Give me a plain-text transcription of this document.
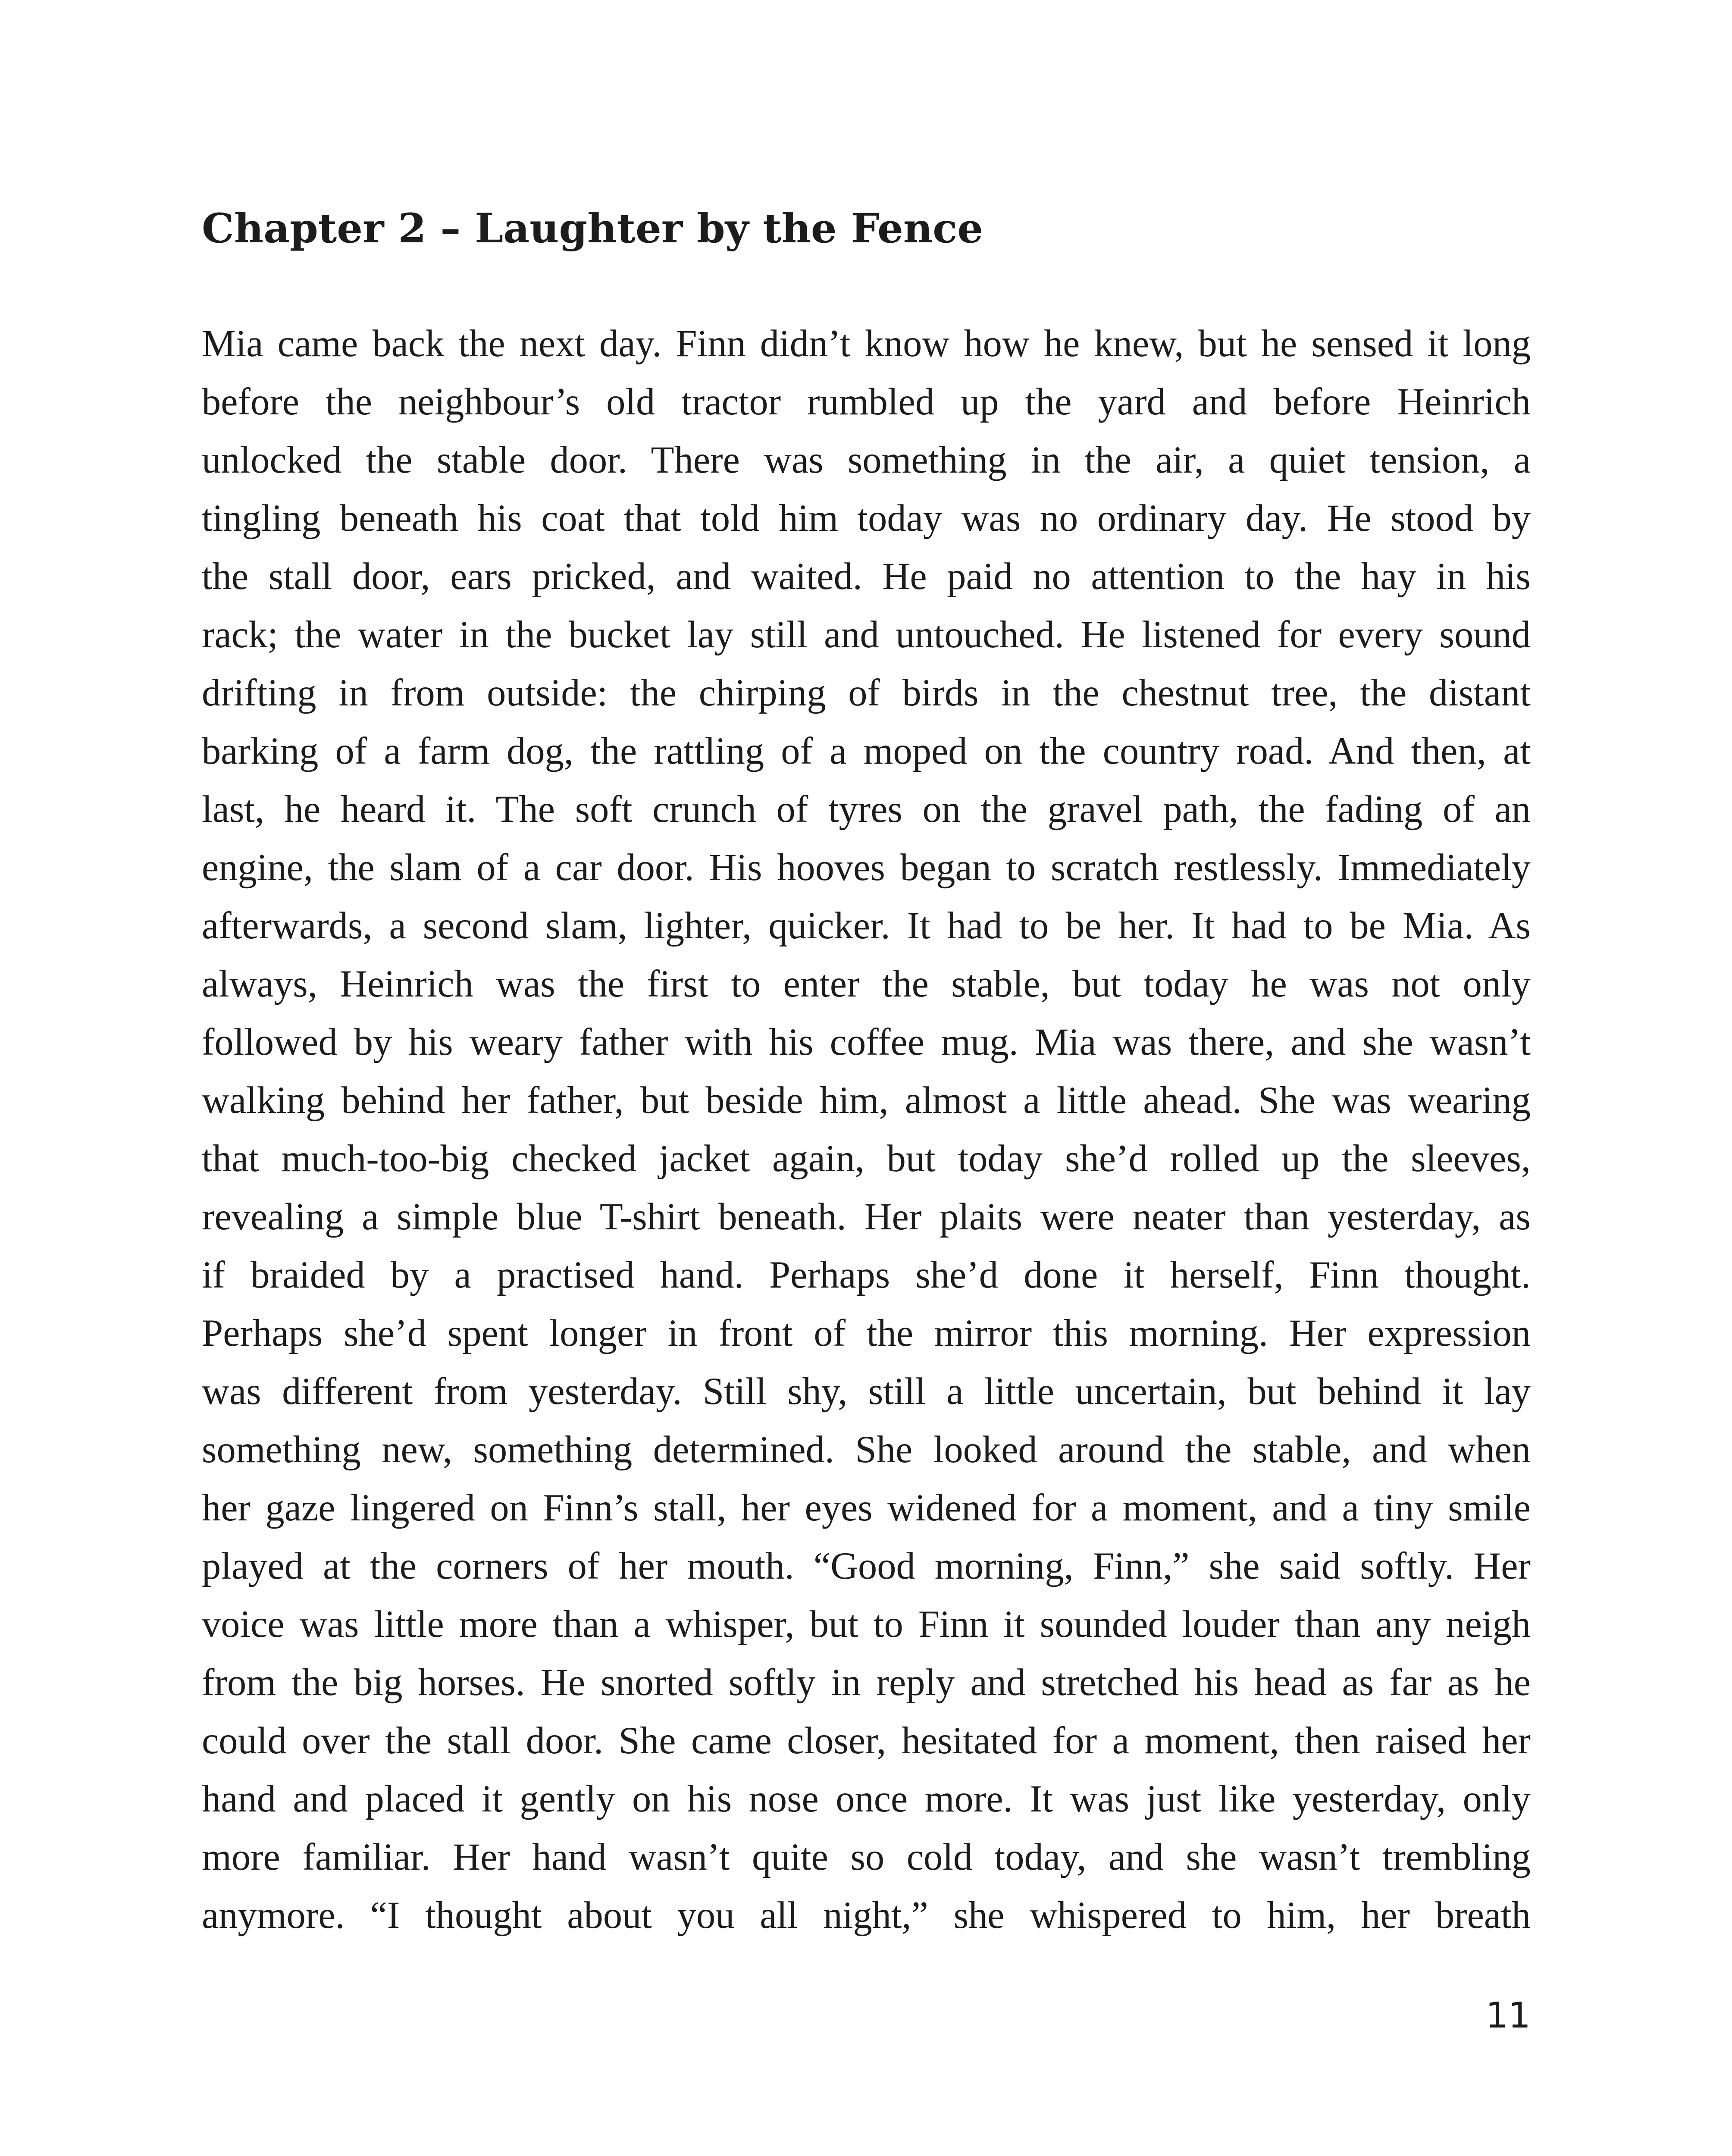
Chapter 2 – Laughter by the Fence
Mia came back the next day. Finn didn’t know how he knew, but he sensed it long
before the neighbour’s old tractor rumbled up the yard and before Heinrich
unlocked the stable door. There was something in the air, a quiet tension, a
tingling beneath his coat that told him today was no ordinary day. He stood by
the stall door, ears pricked, and waited. He paid no attention to the hay in his
rack; the water in the bucket lay still and untouched. He listened for every sound
drifting in from outside: the chirping of birds in the chestnut tree, the distant
barking of a farm dog, the rattling of a moped on the country road. And then, at
last, he heard it. The soft crunch of tyres on the gravel path, the fading of an
engine, the slam of a car door. His hooves began to scratch restlessly. Immediately
afterwards, a second slam, lighter, quicker. It had to be her. It had to be Mia. As
always, Heinrich was the first to enter the stable, but today he was not only
followed by his weary father with his coffee mug. Mia was there, and she wasn’t
walking behind her father, but beside him, almost a little ahead. She was wearing
that much-too-big checked jacket again, but today she’d rolled up the sleeves,
revealing a simple blue T-shirt beneath. Her plaits were neater than yesterday, as
if braided by a practised hand. Perhaps she’d done it herself, Finn thought.
Perhaps she’d spent longer in front of the mirror this morning. Her expression
was different from yesterday. Still shy, still a little uncertain, but behind it lay
something new, something determined. She looked around the stable, and when
her gaze lingered on Finn’s stall, her eyes widened for a moment, and a tiny smile
played at the corners of her mouth. “Good morning, Finn,” she said softly. Her
voice was little more than a whisper, but to Finn it sounded louder than any neigh
from the big horses. He snorted softly in reply and stretched his head as far as he
could over the stall door. She came closer, hesitated for a moment, then raised her
hand and placed it gently on his nose once more. It was just like yesterday, only
more familiar. Her hand wasn’t quite so cold today, and she wasn’t trembling
anymore. “I thought about you all night,” she whispered to him, her breath
11
